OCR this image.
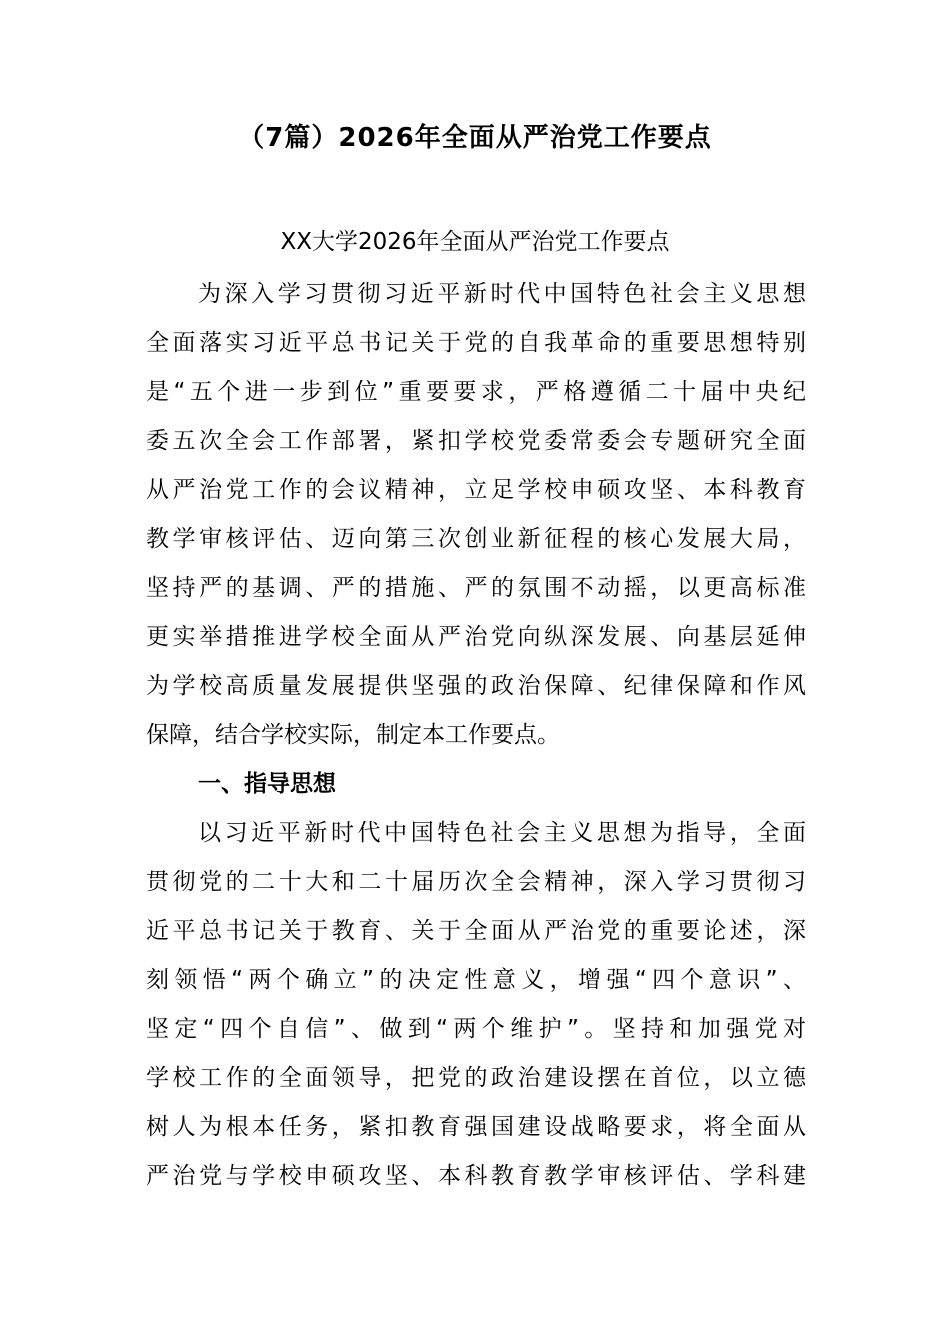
（7篇）2026年全面从严治党工作要点
XX大学2026年全面从严治党工作要点
为深入学习贯彻习近平新时代中国特色社会主义思想
全面落实习近平总书记关于党的自我革命的重要思想特别
是“五个进一步到位”重要要求，严格遵循二十届中央纪
委五次全会工作部署，紧扣学校党委常委会专题研究全面
从严治党工作的会议精神，立足学校申硕攻坚、本科教育
教学审核评估、迈向第三次创业新征程的核心发展大局，
坚持严的基调、严的措施、严的氛围不动摇，以更高标准
更实举措推进学校全面从严治党向纵深发展、向基层延伸
为学校高质量发展提供坚强的政治保障、纪律保障和作风
保障，结合学校实际，制定本工作要点。
一、指导思想
以习近平新时代中国特色社会主义思想为指导，全面
贯彻党的二十大和二十届历次全会精神，深入学习贯彻习
近平总书记关于教育、关于全面从严治党的重要论述，深
刻领悟“两个确立”的决定性意义，增强“四个意识”、
坚定“四个自信”、做到“两个维护”。坚持和加强党对
学校工作的全面领导，把党的政治建设摆在首位，以立德
树人为根本任务，紧扣教育强国建设战略要求，将全面从
严治党与学校申硕攻坚、本科教育教学审核评估、学科建
